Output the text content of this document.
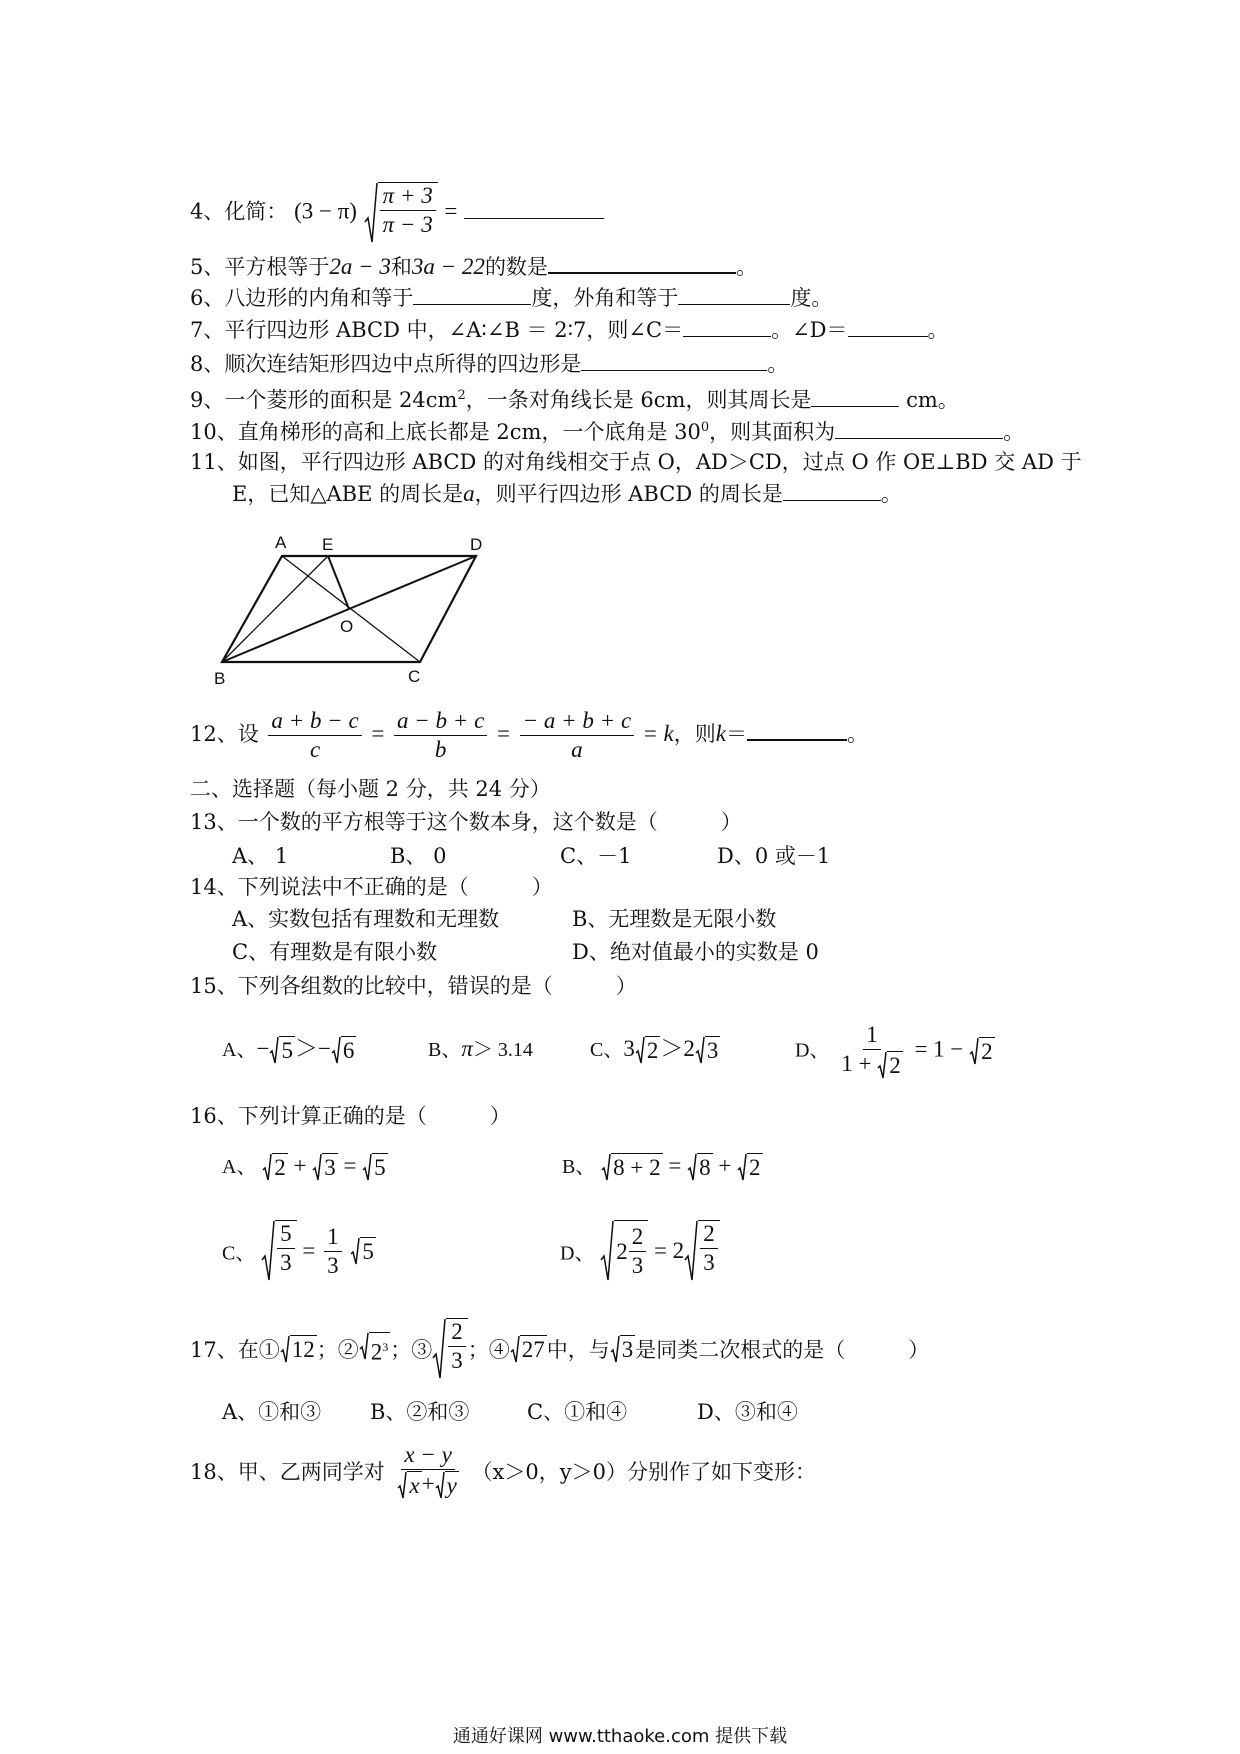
4、化简： $(3 - \pi) \frac{\pi + 3}{\pi - 3}$ =
5、平方根等于2a − 3和3a − 22的数是	。
6、八边形的内角和等于	度，外角和等于	度。
7、平行四边形 ABCD 中，∠A∶∠B ＝ 2∶7，则∠C＝	。∠D＝	。
8、顺次连结矩形四边中点所得的四边形是	。
9、一个菱形的面积是 $24cm^2$，一条对角线长是 6cm，则其周长是	cm。
10、直角梯形的高和上底长都是 2cm，一个底角是 $30^0$，则其面积为	。
11、如图，平行四边形 ABCD 的对角线相交于点 O，AD＞CD，过点 O 作 OE⊥BD 交 AD 于
E，已知△ABE 的周长是a，则平行四边形 ABCD 的周长是	。
A E	D
O
B	C
12、设 $\frac{a + b - c}{c} = \frac{a - b + c}{b} = \frac{- a + b + c}{a} = k$，则k＝	。
二、选择题（每小题 2 分，共 24 分）
13、一个数的平方根等于这个数本身，这个数是（　　　）
A、 1	B、 0	C、－1	D、0 或－1
14、下列说法中不正确的是（　　　）
A、实数包括有理数和无理数	B、无理数是无限小数
C、有理数是有限小数	D、绝对值最小的实数是 0
15、下列各组数的比较中，错误的是（　　　）
A、− 5 ＞− 6	B、π＞ 3.14	C、3 2 ＞2 3	D、 $\frac{1}{1 + 2} = 1 - 2$
16、下列计算正确的是（　　　）
A、 2 + 3 = 5	B、 8 + 2 = 8 + 2
C、 $\frac{5}{3} = \frac{1}{3}$
5	D、 $2 \frac{2}{3} = 2 \frac{2}{3}$
17、在① 12 ；② $2^3$ ；③ $\frac{2}{3}$ ；④ 27 中，与 3 是同类二次根式的是（　　　）
A、①和③ B、②和③	C、①和④	D、③和④
18、甲、乙两同学对 $\frac{x - y}{x + y} (x>0$，y＞0）分别作了如下变形：
通通好课网 www.tthaoke.com 提供下载
